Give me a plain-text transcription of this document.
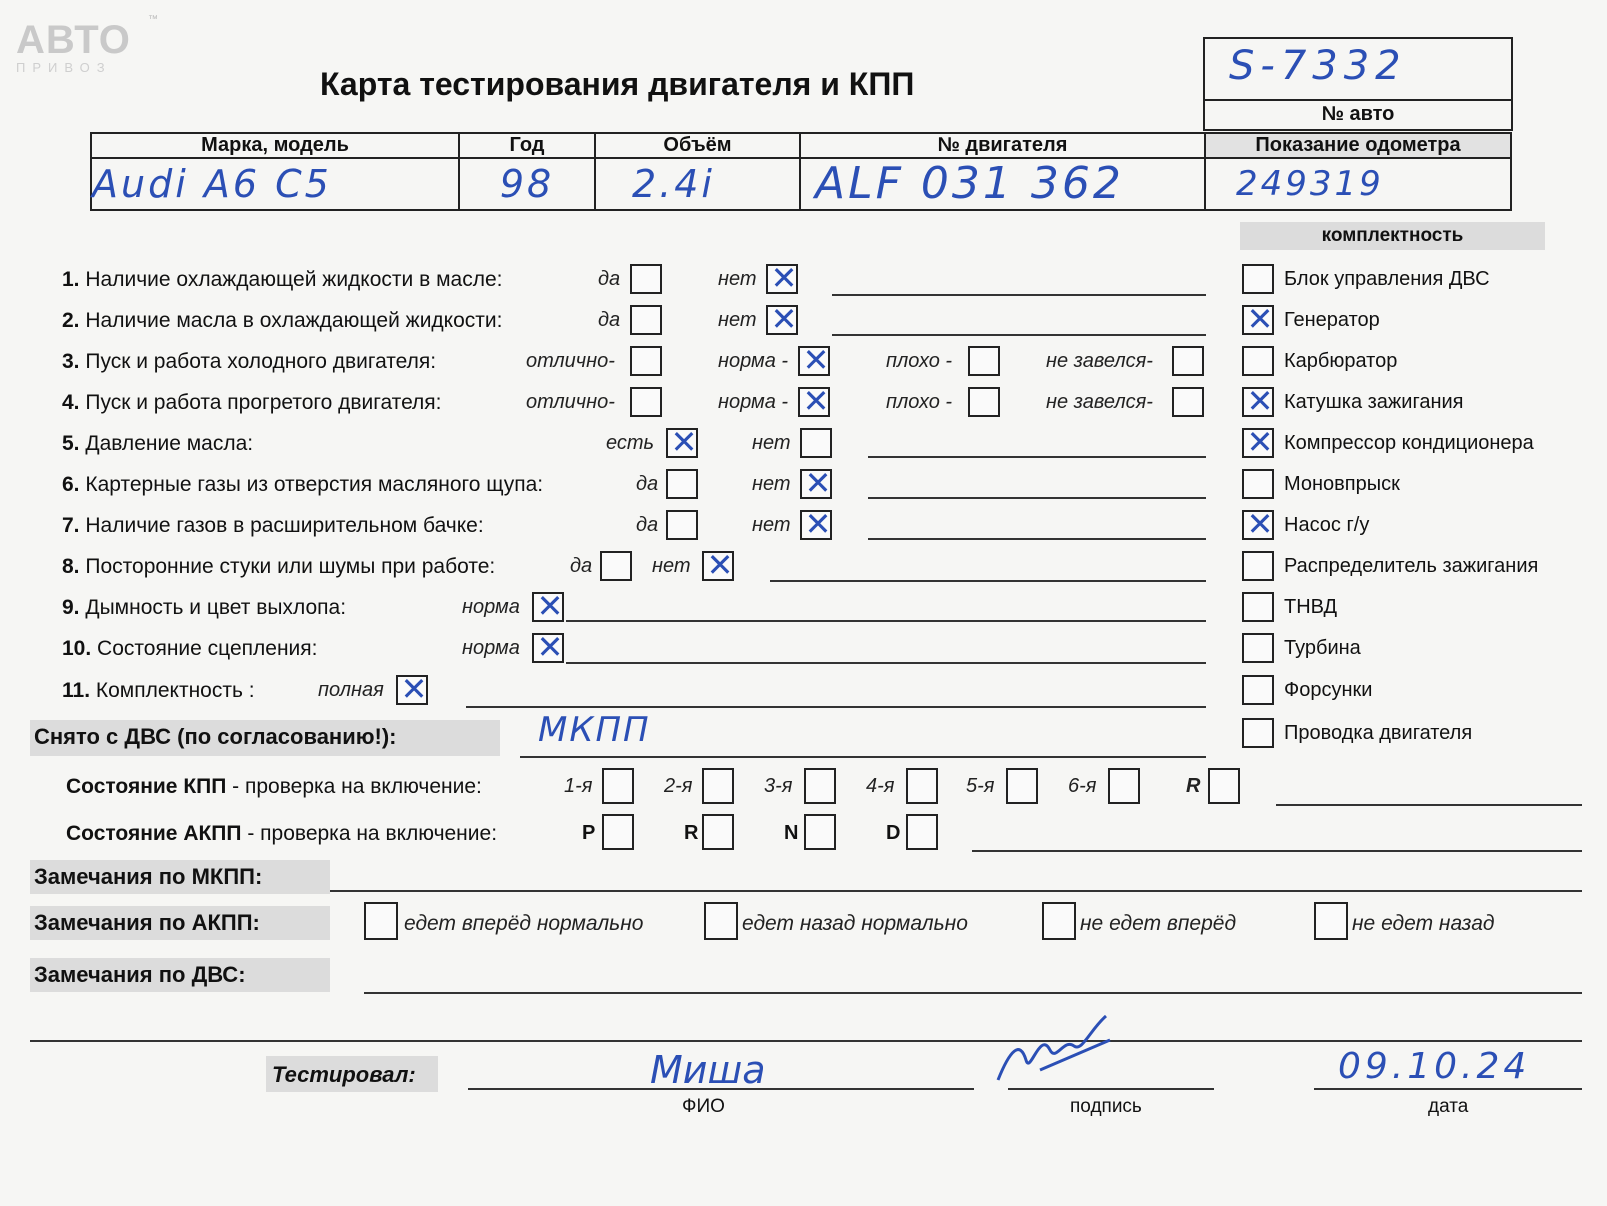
АВТО
ПРИВОЗ
™
Карта тестирования двигателя и КПП	S-7332
№ авто
Марка, модель	Год	Объём	№ двигателя	Показание одометра
Audi A6 C5	98	2.4i	ALF 031 362	249319
комплектность
1. Наличие охлаждающей жидкости в масле:	да	нет ✕
2. Наличие масла в охлаждающей жидкости:	да	нет ✕
3. Пуск и работа холодного двигателя:	отлично-	норма - ✕	плохо -	не завелся-
4. Пуск и работа прогретого двигателя:	отлично-	норма - ✕	плохо -	не завелся-
5. Давление масла:	есть ✕	нет
6. Картерные газы из отверстия масляного щупа:	да	нет ✕
7. Наличие газов в расширительном бачке:	да	нет ✕
8. Посторонние стуки или шумы при работе:	да	нет ✕
9. Дымность и цвет выхлопа:	норма ✕
10. Состояние сцепления:	норма ✕
11. Комплектность :	полная ✕
Блок управления ДВС
✕ Генератор
Карбюратор
✕ Катушка зажигания
✕ Компрессор кондиционера
Моновпрыск
✕ Насос г/у
Распределитель зажигания
ТНВД
Турбина
Форсунки
Проводка двигателя
Снято с ДВС (по согласованию!):	МКПП
Состояние КПП - проверка на включение:	1-я	2-я	3-я	4-я	5-я	6-я	R
Состояние АКПП - проверка на включение:	P	R	N	D
Замечания по МКПП:
Замечания по АКПП:	едет вперёд нормально	едет назад нормально	не едет вперёд	не едет назад
Замечания по ДВС:
Тестировал:	Миша
ФИО	подпись
09.10.24
дата
